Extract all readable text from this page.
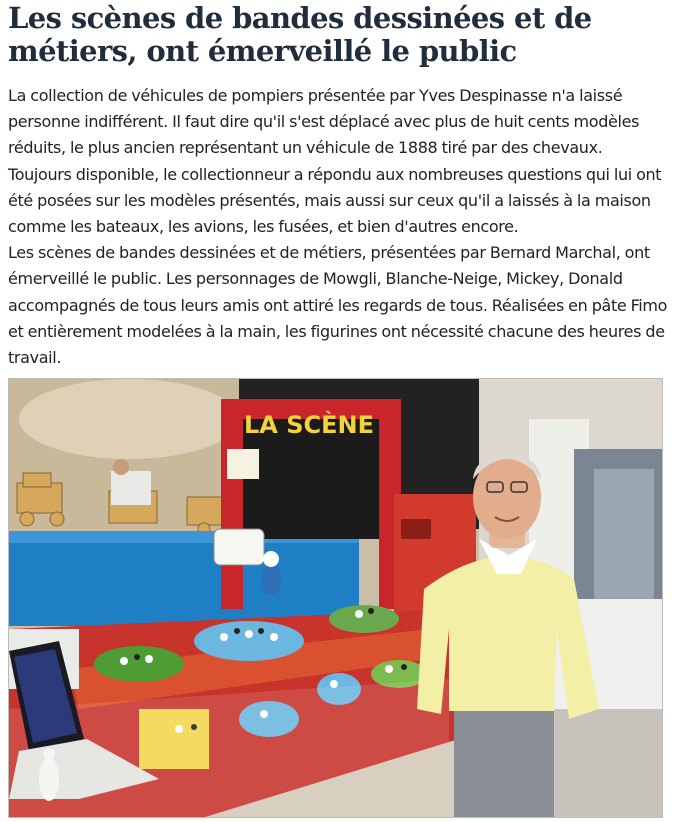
Les scènes de bandes dessinées et de métiers, ont émerveillé le public

La collection de véhicules de pompiers présentée par Yves Despinasse n'a laissé personne indifférent. Il faut dire qu'il s'est déplacé avec plus de huit cents modèles réduits, le plus ancien représentant un véhicule de 1888 tiré par des chevaux. Toujours disponible, le collectionneur a répondu aux nombreuses questions qui lui ont été posées sur les modèles présentés, mais aussi sur ceux qu'il a laissés à la maison comme les bateaux, les avions, les fusées, et bien d'autres encore.

Les scènes de bandes dessinées et de métiers, présentées par Bernard Marchal, ont émerveillé le public. Les personnages de Mowgli, Blanche-Neige, Mickey, Donald accompagnés de tous leurs amis ont attiré les regards de tous. Réalisées en pâte Fimo et entièrement modelées à la main, les figurines ont nécessité chacune des heures de travail.

LA SCÈNE
